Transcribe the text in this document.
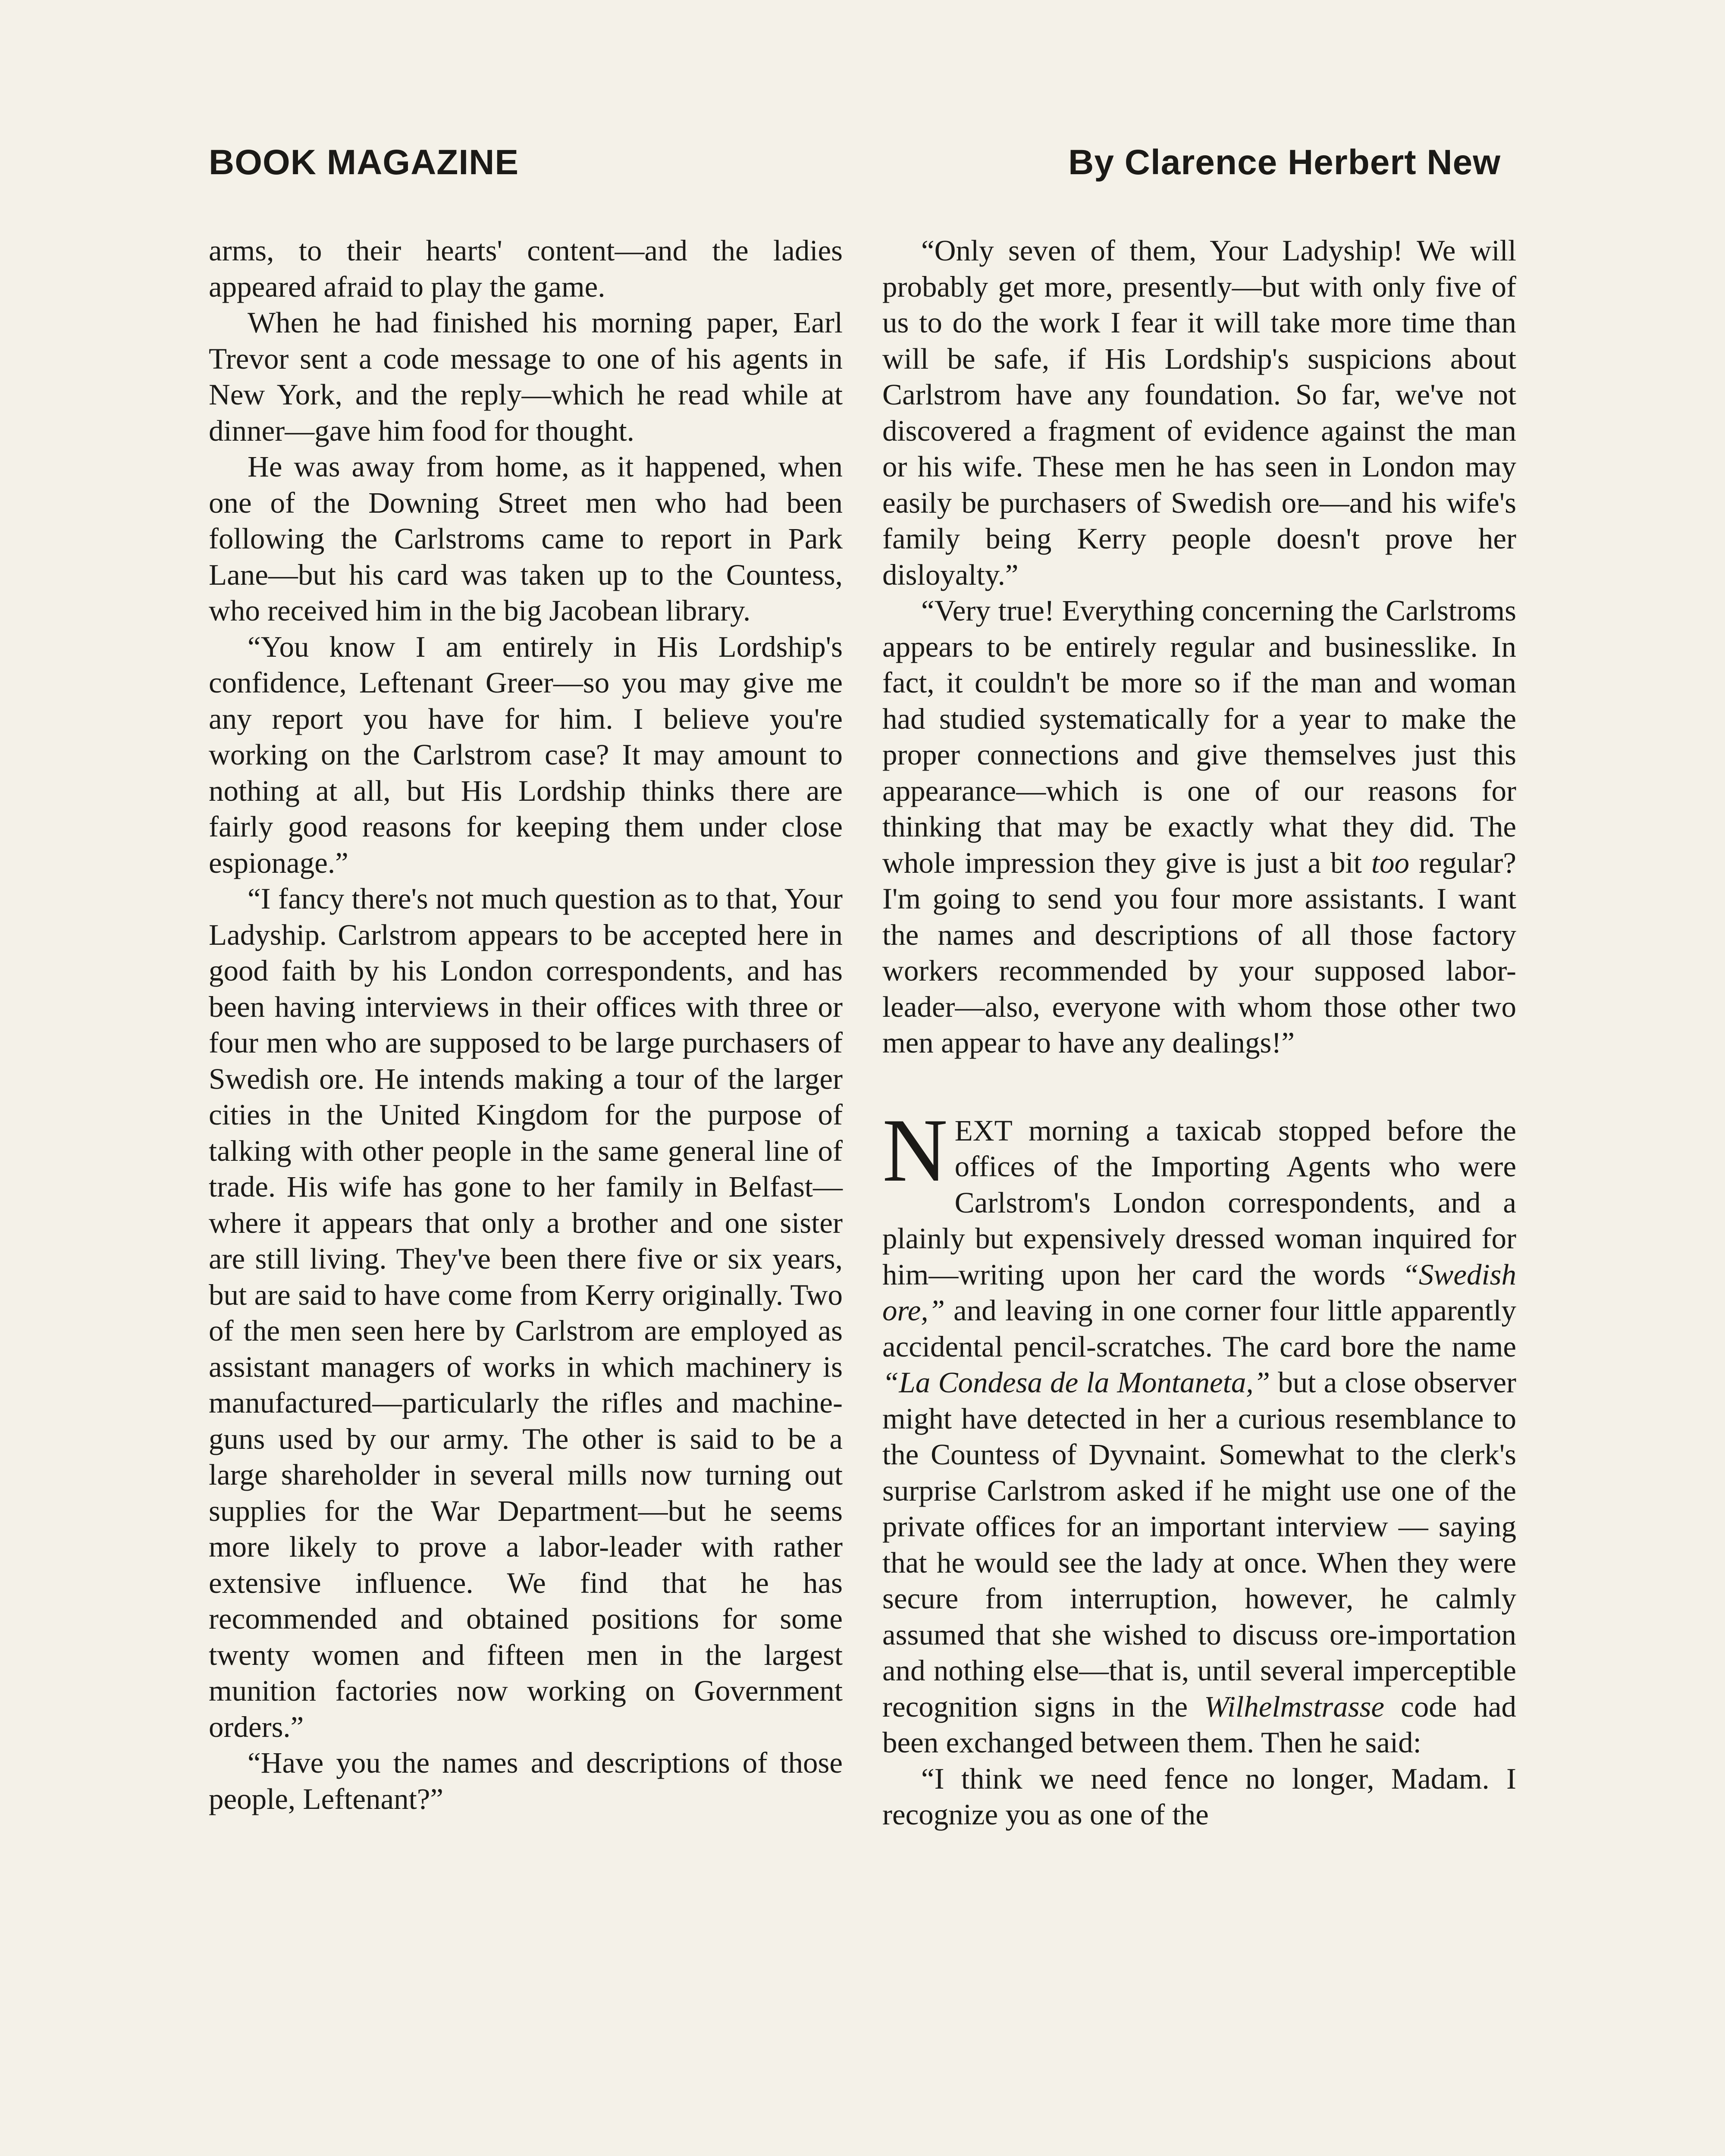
BOOK MAGAZINE	By Clarence Herbert New

arms, to their hearts' content—and the ladies appeared afraid to play the game.

When he had finished his morning paper, Earl Trevor sent a code message to one of his agents in New York, and the reply—which he read while at dinner—gave him food for thought.

He was away from home, as it happened, when one of the Downing Street men who had been following the Carlstroms came to report in Park Lane—but his card was taken up to the Countess, who received him in the big Jacobean library.

“You know I am entirely in His Lordship's confidence, Leftenant Greer—so you may give me any report you have for him. I believe you're working on the Carlstrom case? It may amount to nothing at all, but His Lordship thinks there are fairly good reasons for keeping them under close espionage.”

“I fancy there's not much question as to that, Your Ladyship. Carlstrom appears to be accepted here in good faith by his London correspondents, and has been having interviews in their offices with three or four men who are supposed to be large purchasers of Swedish ore. He intends making a tour of the larger cities in the United Kingdom for the purpose of talking with other people in the same general line of trade. His wife has gone to her family in Belfast—where it appears that only a brother and one sister are still living. They've been there five or six years, but are said to have come from Kerry originally. Two of the men seen here by Carlstrom are employed as assistant managers of works in which machinery is manufactured—particularly the rifles and machine-guns used by our army. The other is said to be a large shareholder in several mills now turning out supplies for the War Department—but he seems more likely to prove a labor-leader with rather extensive influence. We find that he has recommended and obtained positions for some twenty women and fifteen men in the largest munition factories now working on Government orders.”

“Have you the names and descriptions of those people, Leftenant?”

“Only seven of them, Your Ladyship! We will probably get more, presently—but with only five of us to do the work I fear it will take more time than will be safe, if His Lordship's suspicions about Carlstrom have any foundation. So far, we've not discovered a fragment of evidence against the man or his wife. These men he has seen in London may easily be purchasers of Swedish ore—and his wife's family being Kerry people doesn't prove her disloyalty.”

“Very true! Everything concerning the Carlstroms appears to be entirely regular and businesslike. In fact, it couldn't be more so if the man and woman had studied systematically for a year to make the proper connections and give themselves just this appearance—which is one of our reasons for thinking that may be exactly what they did. The whole impression they give is just a bit too regular? I'm going to send you four more assistants. I want the names and descriptions of all those factory workers recommended by your supposed labor-leader—also, everyone with whom those other two men appear to have any dealings!”

NEXT morning a taxicab stopped before the offices of the Importing Agents who were Carlstrom's London correspondents, and a plainly but expensively dressed woman inquired for him—writing upon her card the words “Swedish ore,” and leaving in one corner four little apparently accidental pencil-scratches. The card bore the name “La Condesa de la Montaneta,” but a close observer might have detected in her a curious resemblance to the Countess of Dyvnaint. Somewhat to the clerk's surprise Carlstrom asked if he might use one of the private offices for an important interview — saying that he would see the lady at once. When they were secure from interruption, however, he calmly assumed that she wished to discuss ore-importation and nothing else—that is, until several imperceptible recognition signs in the Wilhelmstrasse code had been exchanged between them. Then he said:

“I think we need fence no longer, Madam. I recognize you as one of the
